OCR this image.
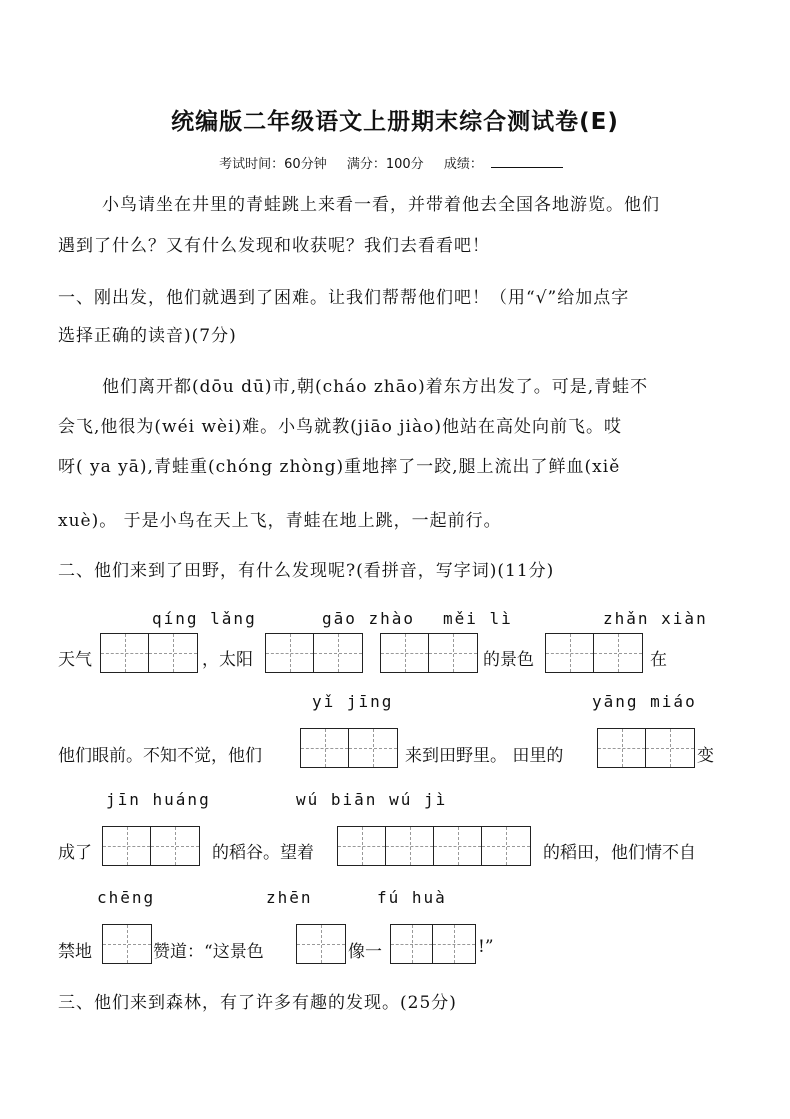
统编版二年级语文上册期末综合测试卷(E)
考试时间：60分钟 满分：100分 成绩：
小鸟请坐在井里的青蛙跳上来看一看，并带着他去全国各地游览。他们
遇到了什么？又有什么发现和收获呢？我们去看看吧！
一、刚出发，他们就遇到了困难。让我们帮帮他们吧！（用“√”给加点字
选择正确的读音)(7分)
他们离开都(dōu dū)市,朝(cháo zhāo)着东方出发了。可是,青蛙不
会飞,他很为(wéi wèi)难。小鸟就教(jiāo jiào)他站在高处向前飞。哎
呀( ya yā),青蛙重(chóng zhòng)重地摔了一跤,腿上流出了鲜血(xiě
xuè)。 于是小鸟在天上飞，青蛙在地上跳，一起前行。
二、他们来到了田野，有什么发现呢?(看拼音，写字词)(11分)
qíng lǎng	gāo zhào měi lì	zhǎn xiàn
天气	，太阳	的景色	在
yǐ jīng	yāng miáo
他们眼前。不知不觉，他们	来到田野里。 田里的	变
jīn huáng	wú biān wú jì
成了	的稻谷。望着	的稻田，他们情不自
chēng	zhēn	fú huà
禁地	赞道：“这景色	像一	!”
三、他们来到森林，有了许多有趣的发现。(25分)
